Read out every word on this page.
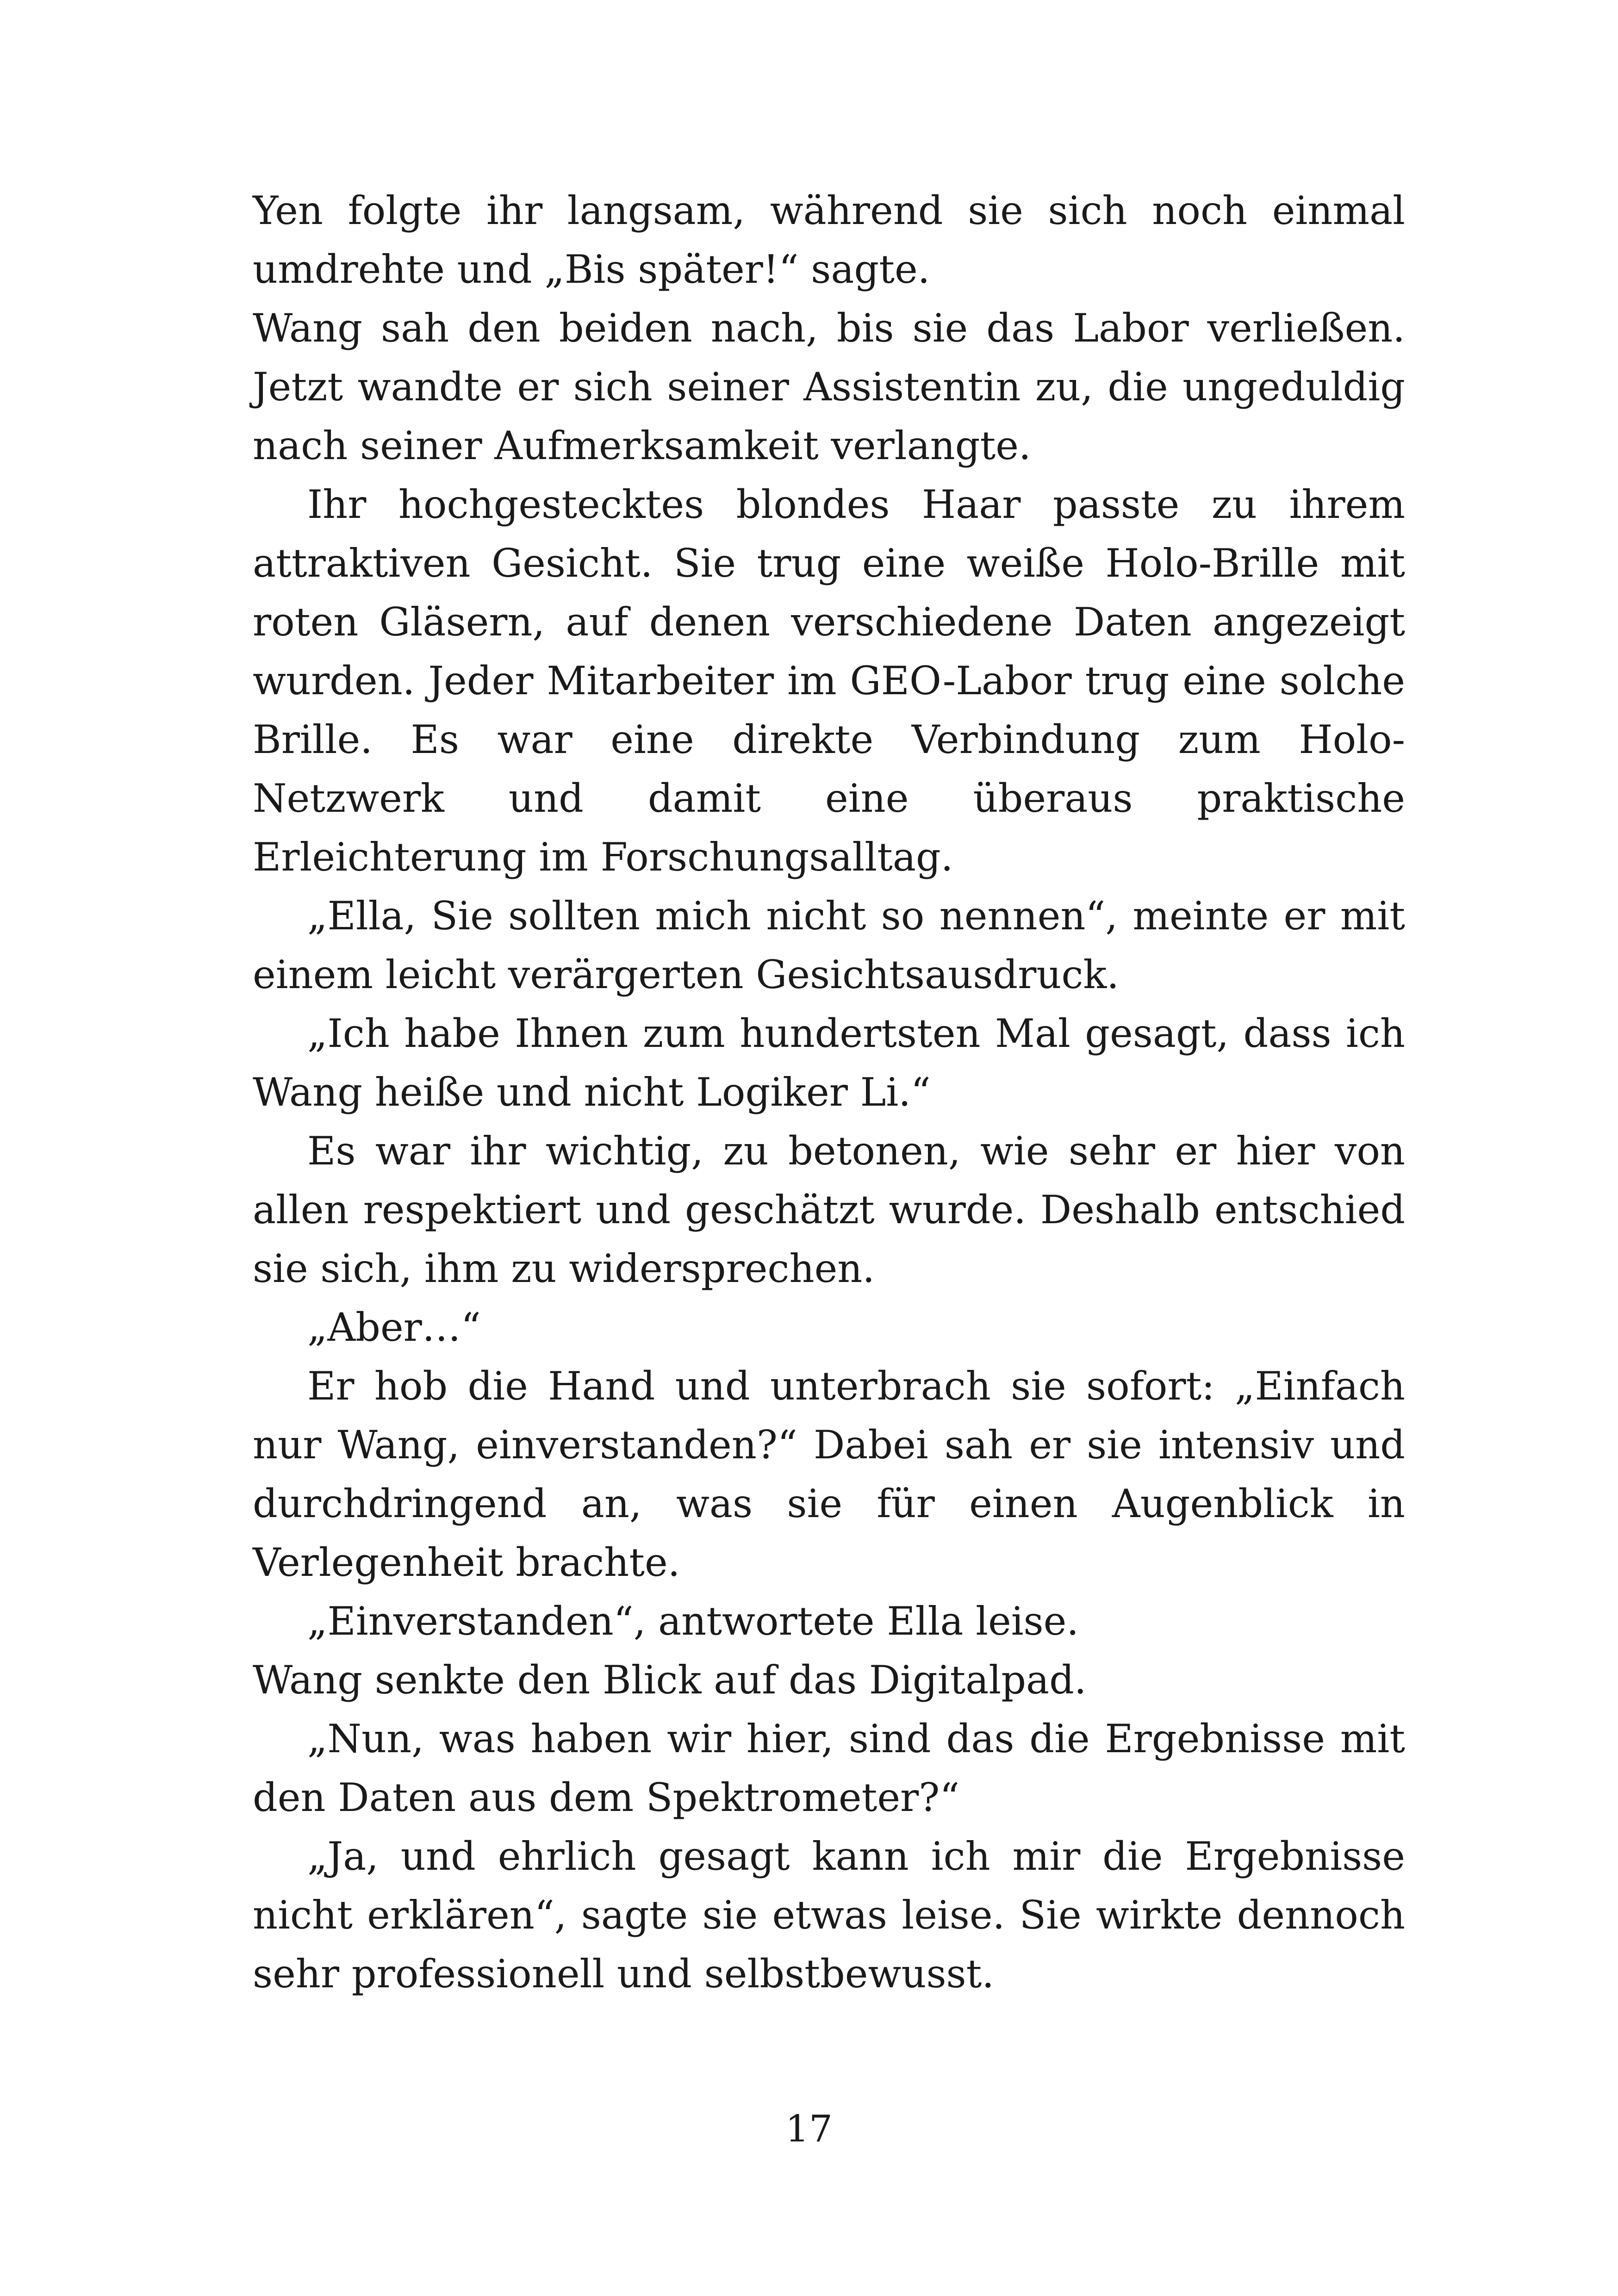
Yen folgte ihr langsam, während sie sich noch einmal umdrehte und „Bis später!“ sagte.

Wang sah den beiden nach, bis sie das Labor verließen. Jetzt wandte er sich seiner Assistentin zu, die ungeduldig nach seiner Aufmerksamkeit verlangte.

Ihr hochgestecktes blondes Haar passte zu ihrem attraktiven Gesicht. Sie trug eine weiße Holo-Brille mit roten Gläsern, auf denen verschiedene Daten angezeigt wurden. Jeder Mitarbeiter im GEO-Labor trug eine solche Brille. Es war eine direkte Verbindung zum Holo-Netzwerk und damit eine überaus praktische Erleichterung im Forschungsalltag.

„Ella, Sie sollten mich nicht so nennen“, meinte er mit einem leicht verärgerten Gesichtsausdruck.

„Ich habe Ihnen zum hundertsten Mal gesagt, dass ich Wang heiße und nicht Logiker Li.“

Es war ihr wichtig, zu betonen, wie sehr er hier von allen respektiert und geschätzt wurde. Deshalb entschied sie sich, ihm zu widersprechen.

„Aber…“

Er hob die Hand und unterbrach sie sofort: „Einfach nur Wang, einverstanden?“ Dabei sah er sie intensiv und durchdringend an, was sie für einen Augenblick in Verlegenheit brachte.

„Einverstanden“, antwortete Ella leise.

Wang senkte den Blick auf das Digitalpad.

„Nun, was haben wir hier, sind das die Ergebnisse mit den Daten aus dem Spektrometer?“

„Ja, und ehrlich gesagt kann ich mir die Ergebnisse nicht erklären“, sagte sie etwas leise. Sie wirkte dennoch sehr professionell und selbstbewusst.

17
